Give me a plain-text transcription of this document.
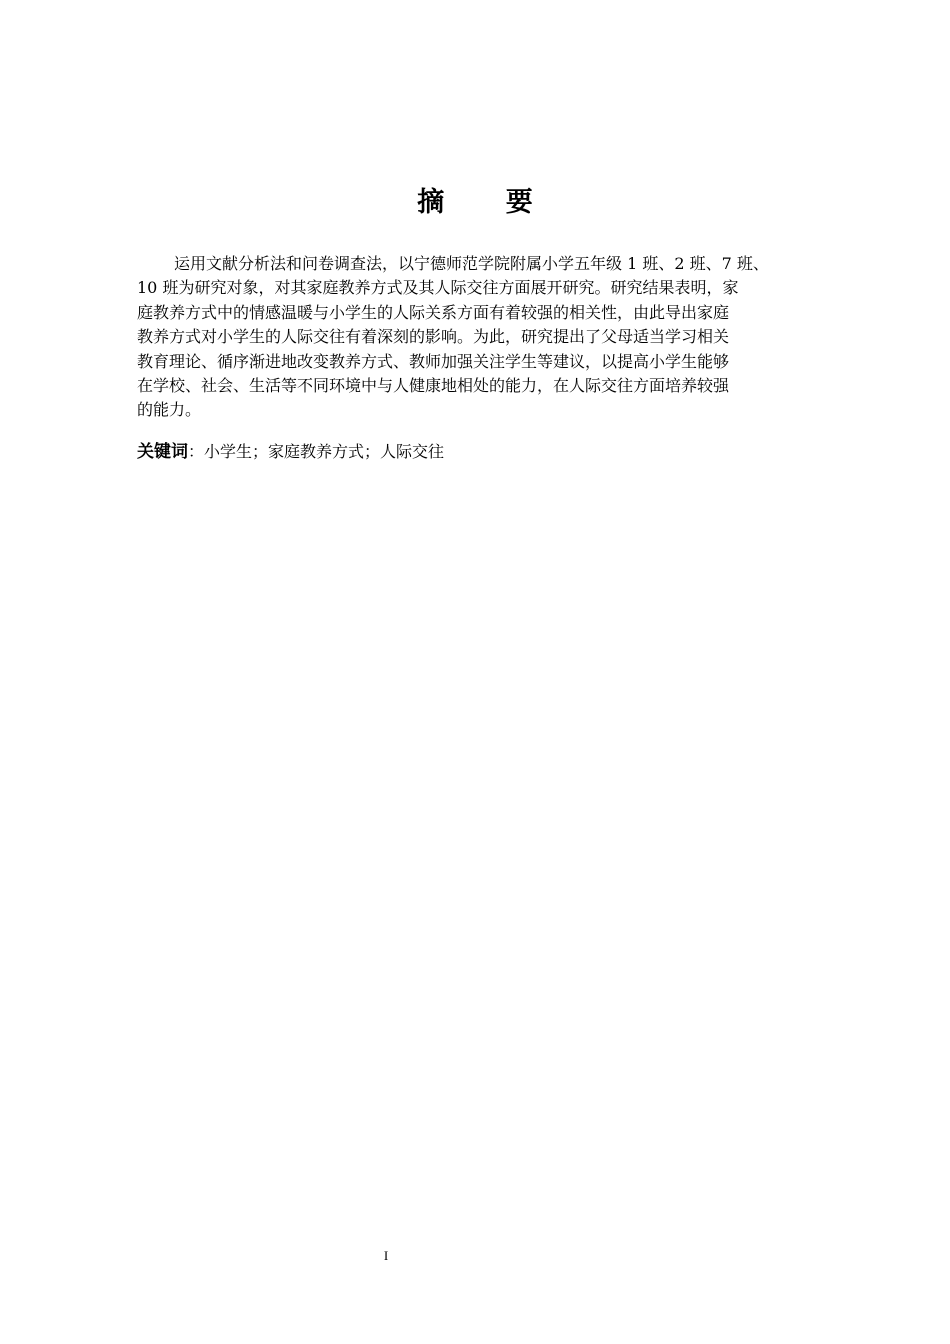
摘 要
运用文献分析法和问卷调查法，以宁德师范学院附属小学五年级 1 班、2 班、7 班、
10 班为研究对象，对其家庭教养方式及其人际交往方面展开研究。研究结果表明，家
庭教养方式中的情感温暖与小学生的人际关系方面有着较强的相关性，由此导出家庭
教养方式对小学生的人际交往有着深刻的影响。为此，研究提出了父母适当学习相关
教育理论、循序渐进地改变教养方式、教师加强关注学生等建议，以提高小学生能够
在学校、社会、生活等不同环境中与人健康地相处的能力，在人际交往方面培养较强
的能力。
关键词：小学生；家庭教养方式；人际交往
I
